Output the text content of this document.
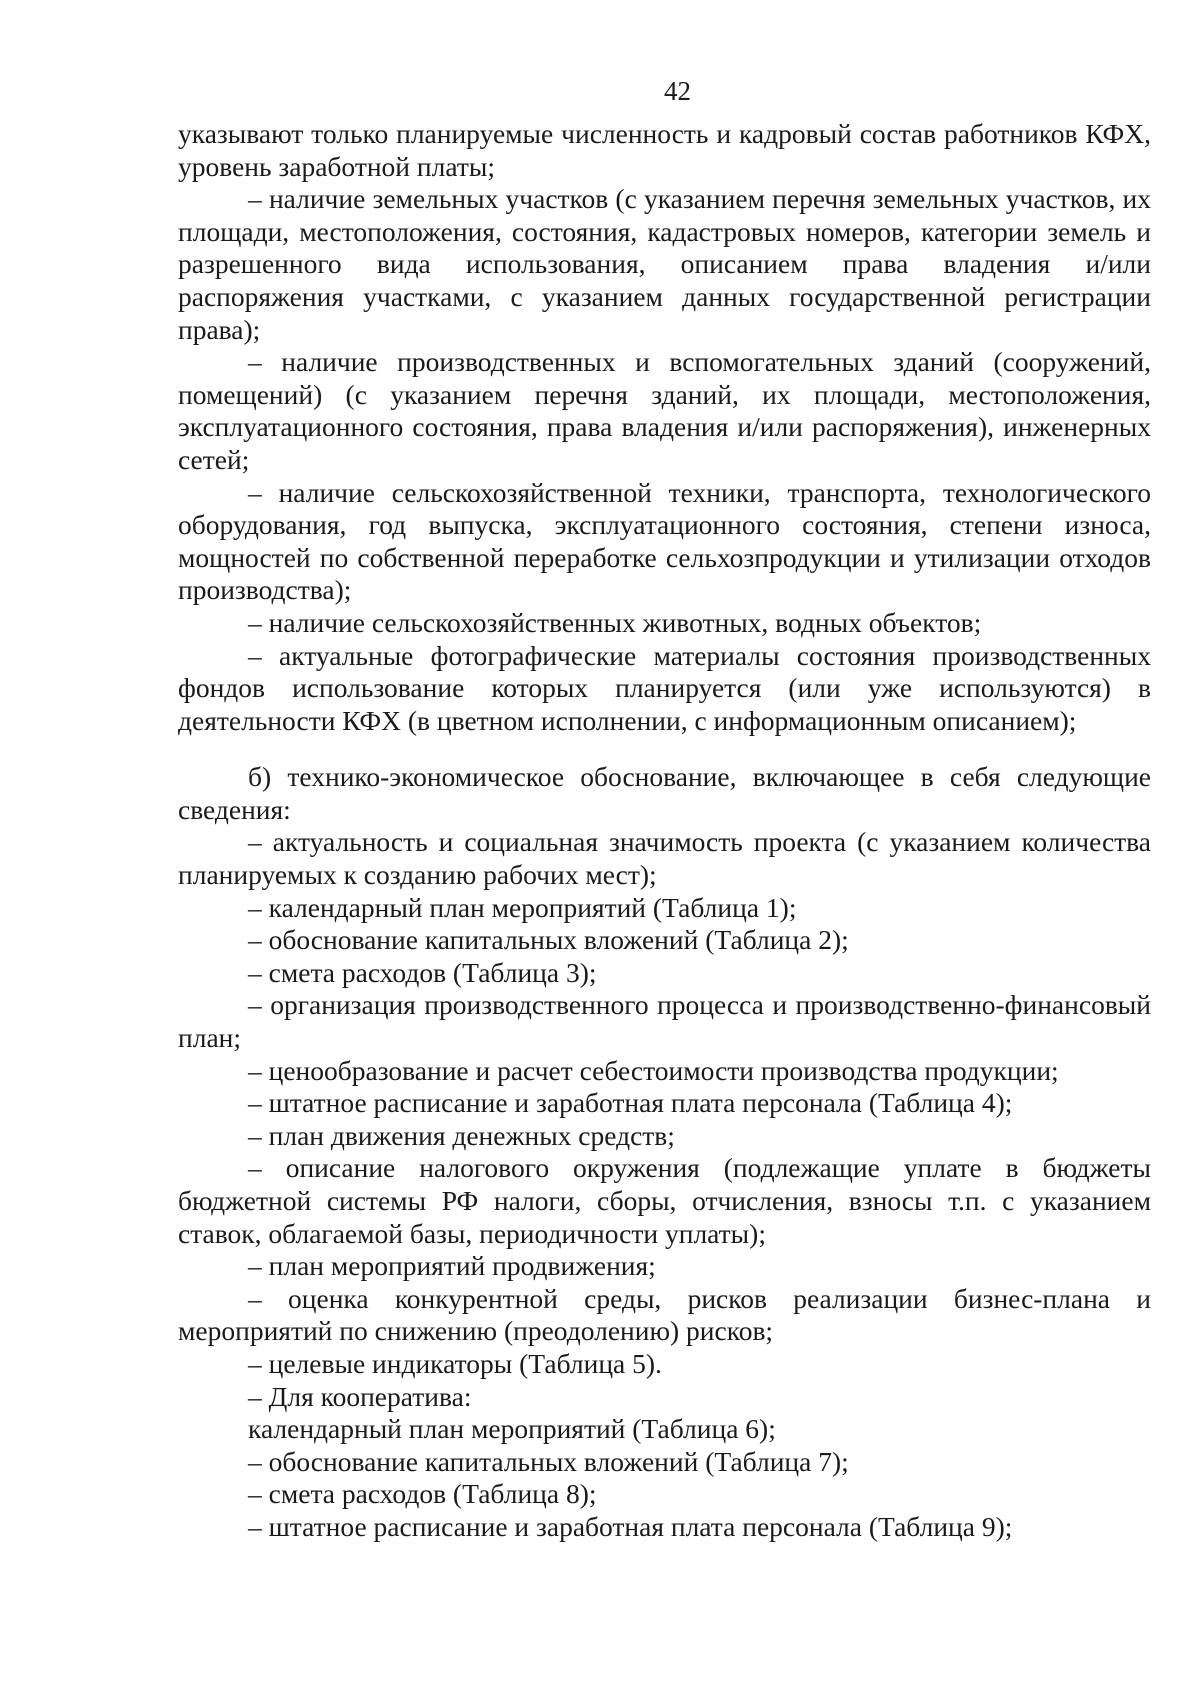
42

указывают только планируемые численность и кадровый состав работников КФХ, уровень заработной платы;

– наличие земельных участков (с указанием перечня земельных участков, их площади, местоположения, состояния, кадастровых номеров, категории земель и разрешенного вида использования, описанием права владения и/или распоряжения участками, с указанием данных государственной регистрации права);

– наличие производственных и вспомогательных зданий (сооружений, помещений) (с указанием перечня зданий, их площади, местоположения, эксплуатационного состояния, права владения и/или распоряжения), инженерных сетей;

– наличие сельскохозяйственной техники, транспорта, технологического оборудования, год выпуска, эксплуатационного состояния, степени износа, мощностей по собственной переработке сельхозпродукции и утилизации отходов производства);

– наличие сельскохозяйственных животных, водных объектов;

– актуальные фотографические материалы состояния производственных фондов использование которых планируется (или уже используются) в деятельности КФХ (в цветном исполнении, с информационным описанием);

б) технико-экономическое обоснование, включающее в себя следующие сведения:

– актуальность и социальная значимость проекта (с указанием количества планируемых к созданию рабочих мест);

– календарный план мероприятий (Таблица 1);

– обоснование капитальных вложений (Таблица 2);

– смета расходов (Таблица 3);

– организация производственного процесса и производственно-финансовый план;

– ценообразование и расчет себестоимости производства продукции;

– штатное расписание и заработная плата персонала (Таблица 4);

– план движения денежных средств;

– описание налогового окружения (подлежащие уплате в бюджеты бюджетной системы РФ налоги, сборы, отчисления, взносы т.п. с указанием ставок, облагаемой базы, периодичности уплаты);

– план мероприятий продвижения;

– оценка конкурентной среды, рисков реализации бизнес-плана и мероприятий по снижению (преодолению) рисков;

– целевые индикаторы (Таблица 5).

– Для кооператива:

календарный план мероприятий (Таблица 6);

– обоснование капитальных вложений (Таблица 7);

– смета расходов (Таблица 8);

– штатное расписание и заработная плата персонала (Таблица 9);
